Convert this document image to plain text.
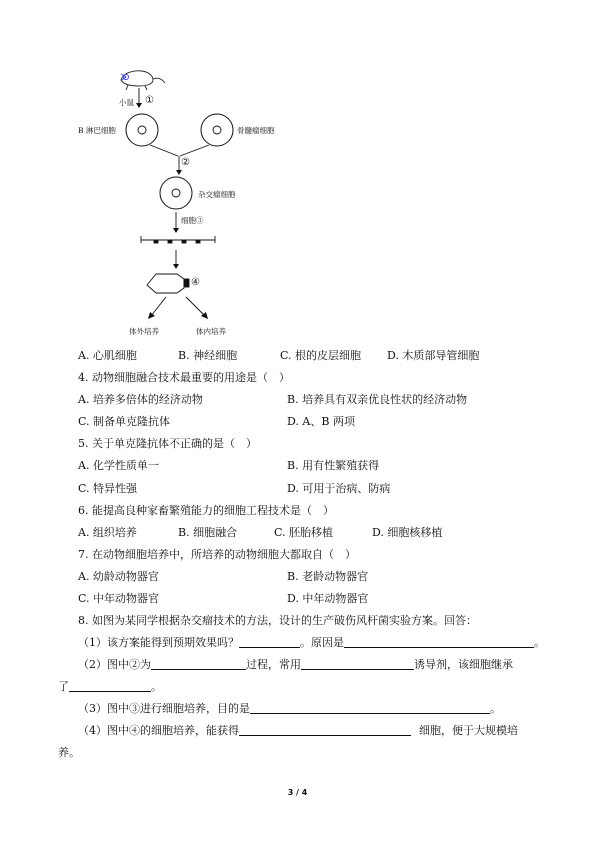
小鼠 ①
B 淋巴细胞	骨髓瘤细胞
②
杂交瘤细胞
细胞③
④
体外培养	体内培养
A. 心肌细胞	B. 神经细胞	C. 根的皮层细胞 D. 木质部导管细胞
4. 动物细胞融合技术最重要的用途是（　）
A. 培养多倍体的经济动物	B. 培养具有双亲优良性状的经济动物
C. 制备单克隆抗体	D. A、B 两项
5. 关于单克隆抗体不正确的是（　）
A. 化学性质单一	B. 用有性繁殖获得
C. 特异性强	D. 可用于治病、防病
6. 能提高良种家畜繁殖能力的细胞工程技术是（　）
A. 组织培养	B. 细胞融合	C. 胚胎移植	D. 细胞核移植
7. 在动物细胞培养中，所培养的动物细胞大都取自（　）
A. 幼龄动物器官	B. 老龄动物器官
C. 中年动物器官	D. 中年动物器官
8. 如图为某同学根据杂交瘤技术的方法，设计的生产破伤风杆菌实验方案。回答：
（1）该方案能得到预期效果吗？	。原因是	。
（2）图中②为	过程，常用	诱导剂，该细胞继承
了	。
（3）图中③进行细胞培养，目的是	。
（4）图中④的细胞培养，能获得	细胞，便于大规模培
养。
3 / 4
